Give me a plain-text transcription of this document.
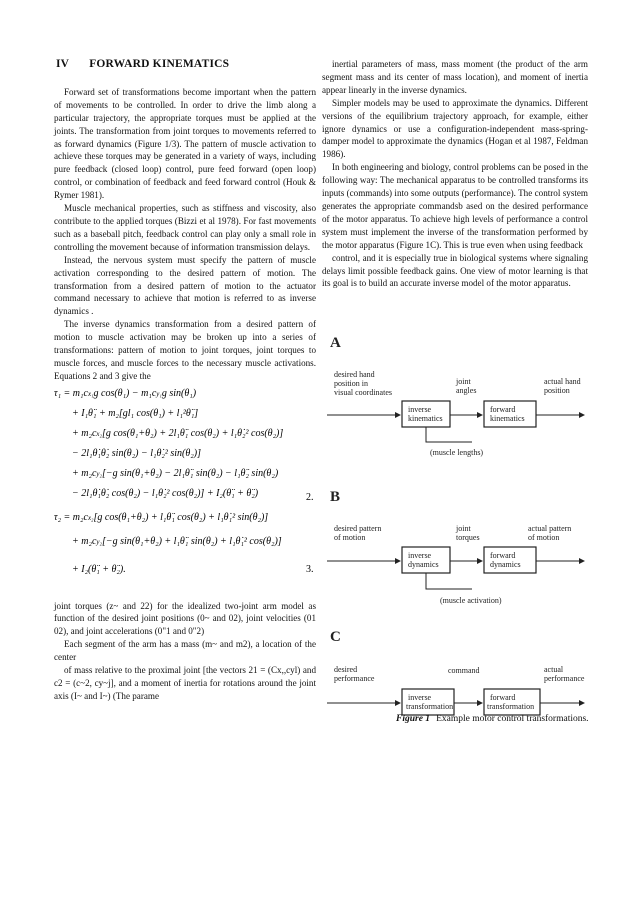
IV FORWARD KINEMATICS

Forward set of transformations become important when the pattern of movements to be controlled. In order to drive the limb along a particular trajectory, the appropriate torques must be applied at the joints. The transformation from joint torques to movements referred to as forward dynamics (Figure 1/3). The pattern of muscle activation to achieve these torques may be generated in a variety of ways, including pure feedback (closed loop) control, pure feed forward (open loop) control, or combination of feedback and feed forward control (Houk & Rymer 1981).

Muscle mechanical properties, such as stiffness and viscosity, also contribute to the applied torques (Bizzi et al 1978). For fast movements such as a baseball pitch, feedback control can play only a small role in controlling the movement because of information transmission delays.

Instead, the nervous system must specify the pattern of muscle activation corresponding to the desired pattern of motion. The transformation from a desired pattern of motion to the actuator command necessary to achieve that motion is referred to as inverse dynamics .

The inverse dynamics transformation from a desired pattern of motion to muscle activation may be broken up into a series of transformations: pattern of motion to joint torques, joint torques to muscle forces, and muscle forces to the necessary muscle activations. Equations 2 and 3 give the

τ₁ = m₁cx₁g cos(θ₁) − m₁cy₁g sin(θ₁)
+ I₁θ̈₁ + m₂[gl₁ cos(θ₁) + l₁²θ̈₁]
+ m₂cx₂[g cos(θ₁+θ₂) + 2l₁θ̈₁ cos(θ₂) + l₁θ̇₂² cos(θ₂)]
− 2l₁θ̇₁θ̇₂ sin(θ₂) − l₁θ̇₂² sin(θ₂)]
+ m₂cy₂[−g sin(θ₁+θ₂) − 2l₁θ̈₁ sin(θ₂) − l₁θ̈₂ sin(θ₂)
− 2l₁θ̇₁θ̇₂ cos(θ₂) − l₁θ̇₂² cos(θ₂)] + I₂(θ̈₁ + θ̈₂)	2.
τ₂ = m₂cx₂[g cos(θ₁+θ₂) + l₁θ̈₁ cos(θ₂) + l₁θ̇₁² sin(θ₂)]

+ m₂cy₂[−g sin(θ₁+θ₂) + l₁θ̈₁ sin(θ₂) + l₁θ̇₁² cos(θ₂)]
+ I₂(θ̈₁ + θ̈₂).	3.

joint torques (z~ and 22) for the idealized two-joint arm model as function of the desired joint positions (0~ and 02), joint velocities (01 02), and joint accelerations (0"1 and 0"2)

Each segment of the arm has a mass (m~ and m2), a location of the center

of mass relative to the proximal joint [the vectors 21 = (Cx,,cyl) and c2 = (c~2, cy~j], and a moment of inertia for rotations around the joint axis (I~ and I~) (The parame

inertial parameters of mass, mass moment (the product of the arm segment mass and its center of mass location), and moment of inertia appear linearly in the inverse dynamics.

Simpler models may be used to approximate the dynamics. Different versions of the equilibrium trajectory approach, for example, either ignore dynamics or use a configuration-independent mass-spring-damper model to approximate the dynamics (Hogan et al 1987, Feldman 1986).

In both engineering and biology, control problems can be posed in the following way: The mechanical apparatus to be controlled transforms its inputs (commands) into some outputs (performance). The control system generates the appropriate commandsb ased on the desired performance of the motor apparatus. To achieve high levels of performance a control system must implement the inverse of the transformation performed by the motor apparatus (Figure 1C). This is true even when using feedback

control, and it is especially true in biological systems where signaling delays limit possible feedback gains. One view of motor learning is that its goal is to build an accurate inverse model of the motor apparatus.

A
desired hand
position in
visual coordinates
joint
angles
actual hand
position
inverse
kinematics
forward
kinematics
(muscle lengths)
B
desired pattern
of motion
joint
torques
actual pattern
of motion
inverse
dynamics
forward
dynamics
(muscle activation)
C
desired
performance
command	actual
performance
inverse
transformation
forward
transformation
Figure 1 Example motor control transformations.
